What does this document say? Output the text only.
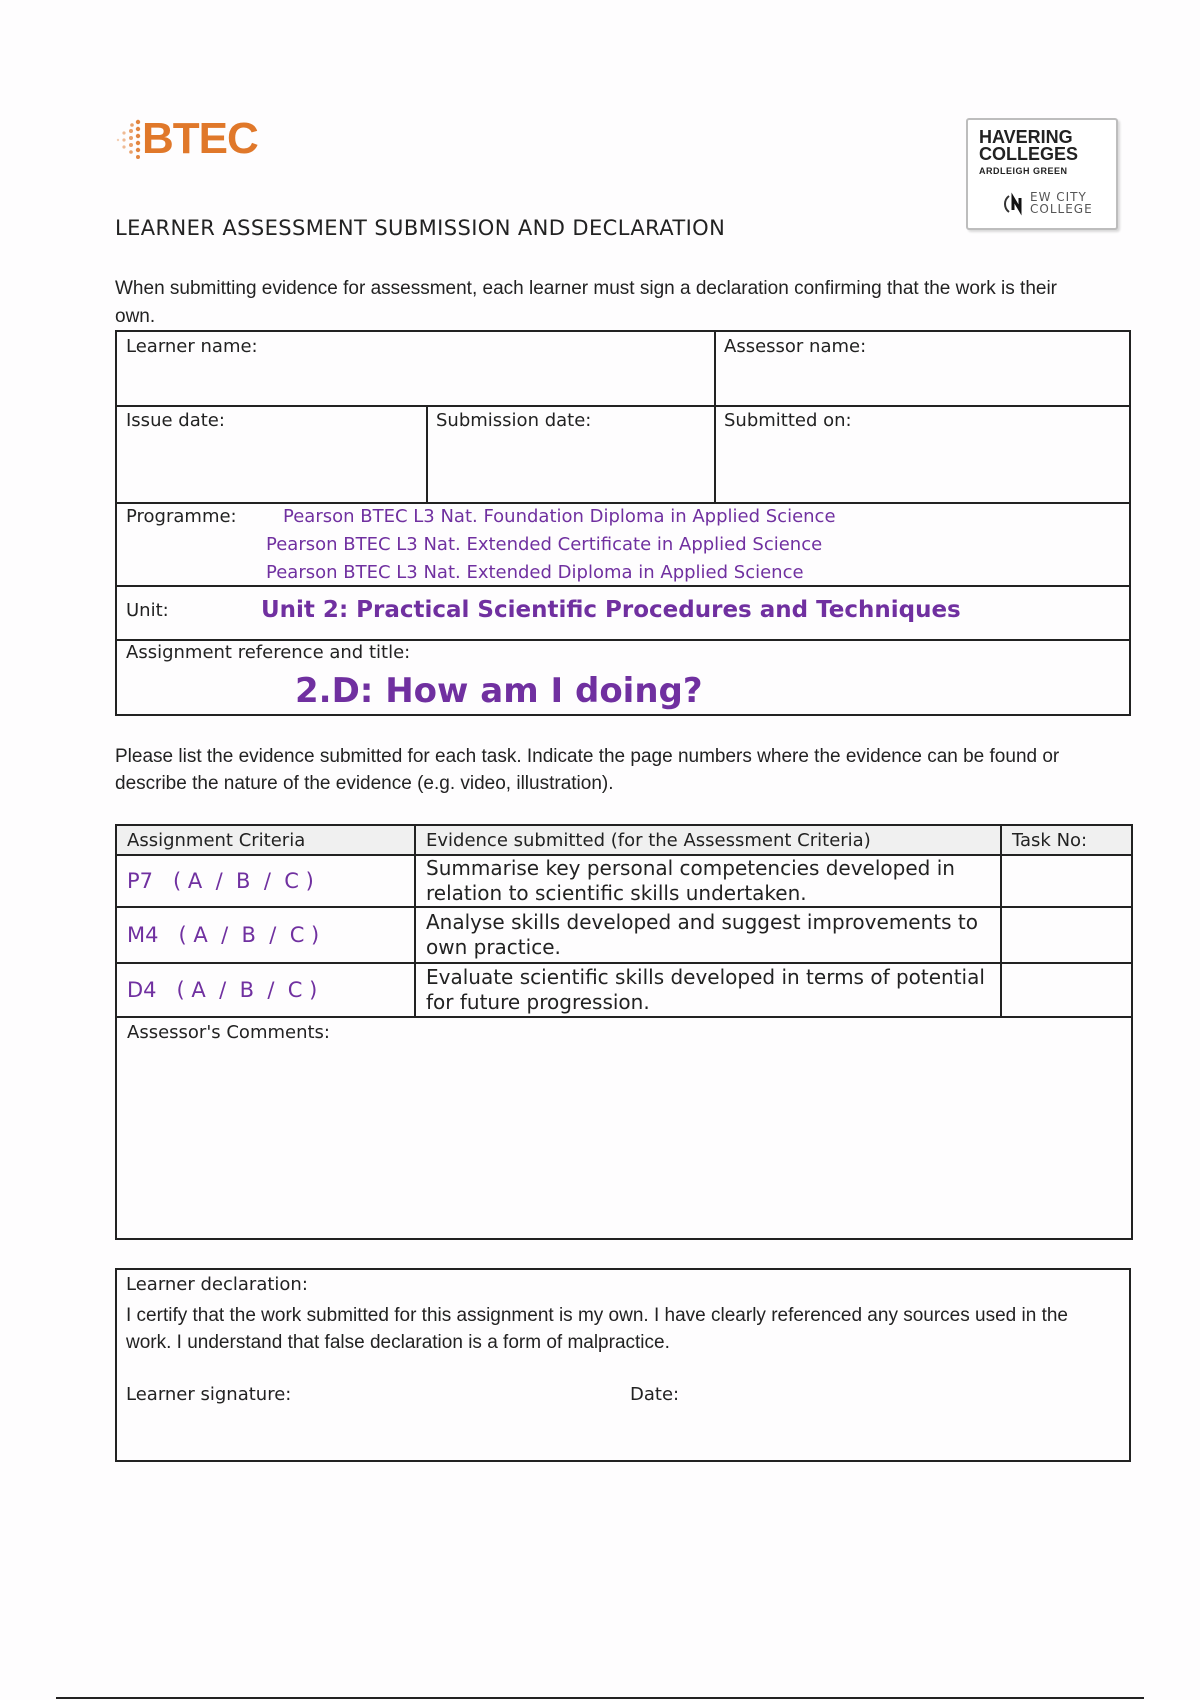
BTEC	HAVERING
COLLEGES
ARDLEIGH GREEN
EW CITY
COLLEGE
LEARNER ASSESSMENT SUBMISSION AND DECLARATION
When submitting evidence for assessment, each learner must sign a declaration confirming that the work is their own.
Learner name:	Assessor name:
Issue date:	Submission date:	Submitted on:
Programme:	Pearson BTEC L3 Nat. Foundation Diploma in Applied Science
Pearson BTEC L3 Nat. Extended Certificate in Applied Science
Pearson BTEC L3 Nat. Extended Diploma in Applied Science
Unit:	Unit 2: Practical Scientific Procedures and Techniques
Assignment reference and title:
2.D: How am I doing?
Please list the evidence submitted for each task. Indicate the page numbers where the evidence can be found or describe the nature of the evidence (e.g. video, illustration).
Assignment Criteria	Evidence submitted (for the Assessment Criteria)	Task No:
P7   ( A  /  B  /  C )	Summarise key personal competencies developed in relation to scientific skills undertaken.	
M4   ( A  /  B  /  C )	Analyse skills developed and suggest improvements to own practice.	
D4   ( A  /  B  /  C )	Evaluate scientific skills developed in terms of potential for future progression.	
Assessor's Comments:		
Learner declaration:
I certify that the work submitted for this assignment is my own. I have clearly referenced any sources used in the work. I understand that false declaration is a form of malpractice.
Learner signature:	Date:
